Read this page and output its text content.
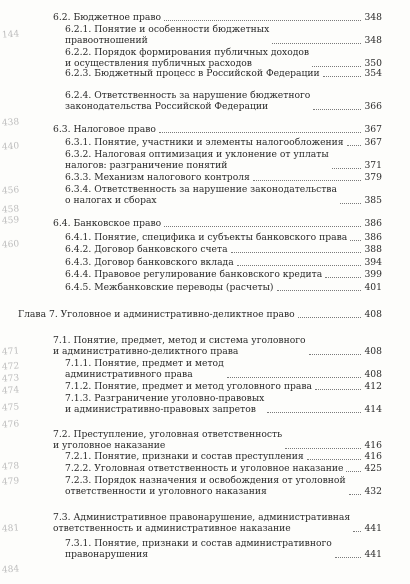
144
438
440
456
458
459
460
471
472
473
474
475
476
478
479
481
484
6.2. Бюджетное право	348
6.2.1. Понятие и особенности бюджетных
правоотношений	348
6.2.2. Порядок формирования публичных доходов
и осуществления публичных расходов	350
6.2.3. Бюджетный процесс в Российской Федерации	354
6.2.4. Ответственность за нарушение бюджетного
законодательства Российской Федерации	366
6.3. Налоговое право	367
6.3.1. Понятие, участники и элементы налогообложения 367
6.3.2. Налоговая оптимизация и уклонение от уплаты
налогов: разграничение понятий	371
6.3.3. Механизм налогового контроля	379
6.3.4. Ответственность за нарушение законодательства
о налогах и сборах	385
6.4. Банковское право	386
6.4.1. Понятие, специфика и субъекты банковского права 386
6.4.2. Договор банковского счета	388
6.4.3. Договор банковского вклада	394
6.4.4. Правовое регулирование банковского кредита	399
6.4.5. Межбанковские переводы (расчеты)	401
Глава 7. Уголовное и административно-деликтное право	408
7.1. Понятие, предмет, метод и система уголовного
и административно-деликтного права	408
7.1.1. Понятие, предмет и метод
административного права	408
7.1.2. Понятие, предмет и метод уголовного права	412
7.1.3. Разграничение уголовно-правовых
и административно-правовых запретов	414
7.2. Преступление, уголовная ответственность
и уголовное наказание	416
7.2.1. Понятие, признаки и состав преступления	416
7.2.2. Уголовная ответственность и уголовное наказание 425
7.2.3. Порядок назначения и освобождения от уголовной
ответственности и уголовного наказания	432
7.3. Административное правонарушение, административная
ответственность и административное наказание	441
7.3.1. Понятие, признаки и состав административного
правонарушения	441
